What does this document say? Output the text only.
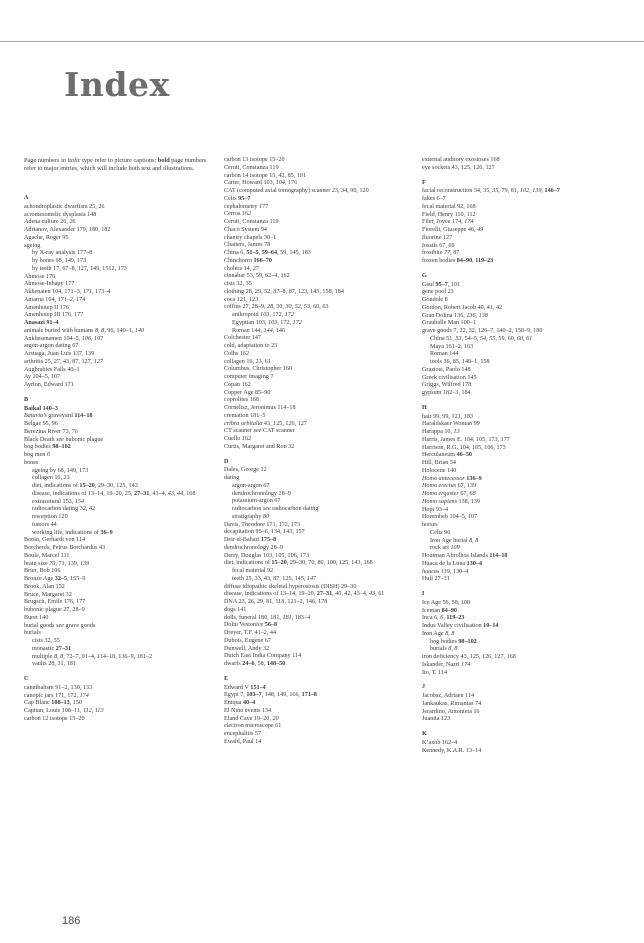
Index

Page numbers in italic type refer to picture captions; bold page numbers refer to major entries, which will include both text and illustrations.

A
achondroplastic dwarfism 25, 26
acromesomelic dysplasia 148
Adena culture 26, 26
Adrianov, Alexander 179, 180, 182
Agache, Roger 95
ageing
by X-ray analysis 177–8
by bones 68, 149, 173
by teeth 17, 67–8, 127, 149, 1512, 173
Ahmose 176
Ahmose-Inhapy 177
Akhenaten 104, 171–3, 171, 173–4
Amarna 104, 171–2, 174
Amenhotep II 176
Amenhotep III 176, 177
Anasazi 91–4
animals buried with humans 8, 8, 96, 140–1, 140
Ankhesenamen 104–5, 106, 107
argon-argon dating 67
Arsuaga, Juan Luis 137, 139
arthritis 25, 27, 43, 87, 127, 127
Aughrabies Falls 40–1
Ay 104–5, 107
Ayrton, Edward 171
B
Baikal 140–3
Batavia’s graveyard 114–18
Belgae 95, 96
Berezina River 73, 76
Black Death see bubonic plague
bog bodies 98–102
bog men 6
bones
ageing by 68, 149, 173
collagen 16, 23
diet, indications of 15–20, 29–30, 125, 143
disease, indications of 13–14, 19–20, 25, 27–31, 43–4, 43, 44, 168
extrasutural 153, 154
radiocarbon dating 32, 42
resorption 129
tumors 44
working life, indications of 36–9
Bonin, Gerhardt von 114
Borcherds, Petrus Borchardus 43
Boule, Marcel 111
brain size 70, 71, 139, 139
Brier, Bob 106
Bronze Age 32–5, 155–9
Brook, Alan 152
Bruce, Margaret 32
Brugsch, Emile 176, 177
bubonic plague 27, 28–9
Buret 140
burial goods see grave goods
burials
cists 32, 35
monastic 27–31
multiple 8, 8, 72–7, 91–4, 114–18, 136–9, 181–2
vaults 28, 31, 181
C
cannibalism 91–2, 130, 133
canopic jars 171, 172, 174
Cap Blanc 108–13, 150
Capitan, Louis 108–11, 112, 113
carbon 12 isotope 15–20
carbon 13 isotope 15–20
Ceruti, Constanza 119
carbon 14 isotope 15, 42, 85, 101
Carter, Howard 103, 104, 176
CAT (computed axial tomography) scanner 23, 34, 90, 120
Celts 95–7
cephalometry 177
Cerros 162
Ceruti, Constanza 119
Chaco System 94
chantry chapels 30–1
Chatters, James 78
China 6, 51–5, 59–64, 59, 145, 183
Chinchorro 166–70
cholera 14, 27
cinnabar 53, 59, 62–4, 162
cists 32, 35
clothing 28, 29, 52, 87–8, 87, 123, 145, 158, 184
coca 121, 123
coffins 27, 28–9, 28, 30, 30, 52, 53, 60, 63
anthropoid 103, 172, 172
Egyptian 103, 103, 172, 172
Roman 144, 144, 146
Colchester 147
cold, adaptation to 23
Colhs 162
collagen 16, 23, 61
Columbus, Christopher 160
computer imaging 7
Copan 162
Copper Age 85–90
coprolites 168
Cornelisz, Jeronimus 114–18
cremation 181–5
cribra orbitalia 43, 125, 126, 127
CT scanner see CAT scanner
Cuello 162
Curtis, Margaret and Ron 32
D
Dales, George 12
dating
argon-argon 67
dendrochronology 28–9
potassium-argon 67
radiocarbon see radiocarbon dating
stratigraphy 80
Davis, Theodore 171, 172, 173
decapitation 95–6, 134, 143, 157
Deir el-Bahari 175–8
dendrochronology 28–9
Derry, Douglas 103, 105, 106, 173
diet, indications of 15–20, 29–30, 70, 80, 100, 125, 143, 168
fecal material 92
teeth 25, 33, 43, 87, 125, 145, 147
diffuse idiopathic skeletal hyperostosis (DISH) 29–30
disease, indications of 13–14, 19–20, 27–31, 40, 42, 43–4, 43, 61
DNA 23, 26, 29, 81, 118, 121–2, 146, 178
dogs 141
dolls, funeral 180, 181, 181, 183–4
Dolni Vestonice 56–8
Dreyer, T.F. 41–2, 44
Dubois, Eugene 67
Dunwell, Andy 32
Dutch East India Company 114
dwarfs 24–6, 58, 148–50
E
Edward V 151–4
Egypt 7, 103–7, 148, 149, 166, 171–8
Eniqua 40–4
El Niño events 134
Eland Cave 19–20, 20
electron microscope 61
encephalitis 57
Ewald, Paul 14
external auditory exostoses 168
eye sockets 43, 125, 126, 127
F
facial reconstruction 34, 35, 35, 79, 81, 102, 139, 146–7
fakes 6–7
fecal material 92, 168
Field, Henry 110, 112
Filer, Joyce 174, 174
Fiorelli, Giuseppe 46, 49
fluorine 127
fossils 67, 69
frostbite 77, 87
frozen bodies 84–90, 119–23
G
Gaul 95–7, 101
gene pool 23
Gondole 8
Gordon, Robert Jacob 40, 41, 42
Gran Dolina 136, 136, 138
Grauballe Man 100–1
grave goods 7, 22, 32, 126–7, 140–2, 158–9, 180
China 51, 53, 54–5, 54, 55, 59, 60, 60, 61
Maya 161–2, 163
Roman 144
tools 36, 85, 140–1, 158
Graziosi, Paolo 148
Greek civilisation 145
Griggs, Wilfred 178
gypsum 182–3, 184
H
hair 99, 99, 121, 183
Haraldskaer Woman 99
Harappa 10, 13
Harris, James E. 104, 105, 173, 177
Harrison, R.G. 104, 105, 106, 173
Herculaneum 46–50
Hill, Brian 34
Holocene 140
Homo antecessor 136–9
Homo erectus 67, 139
Homo ergaster 67, 68
Homo sapiens 138, 139
Hopi 93–4
Horemheb 104–5, 107
horses
Celts 96
Iron Age burial 8, 8
rock art 109
Houtman Abrolhos Islands 114–18
Huaca de la Luna 130–4
huacas 119, 130–4
Hull 27–31
I
Ice Age 56, 58, 108
Iceman 84–90
Inca 6, 6, 119–23
Indus Valley civilisation 10–14
Iron Age 8, 8
bog bodies 98–102
burials 8, 8
iron deficiency 43, 125, 126, 127, 168
Iskander, Nazri 174
Ito, T. 114
J
Jacobsz, Adriaen 114
Jankaukas, Rimantas 74
Jerardino, Antonieta 16
Juanita 123
K
K’axob 162–4
Kennedy, K.A.R. 13–14
186
